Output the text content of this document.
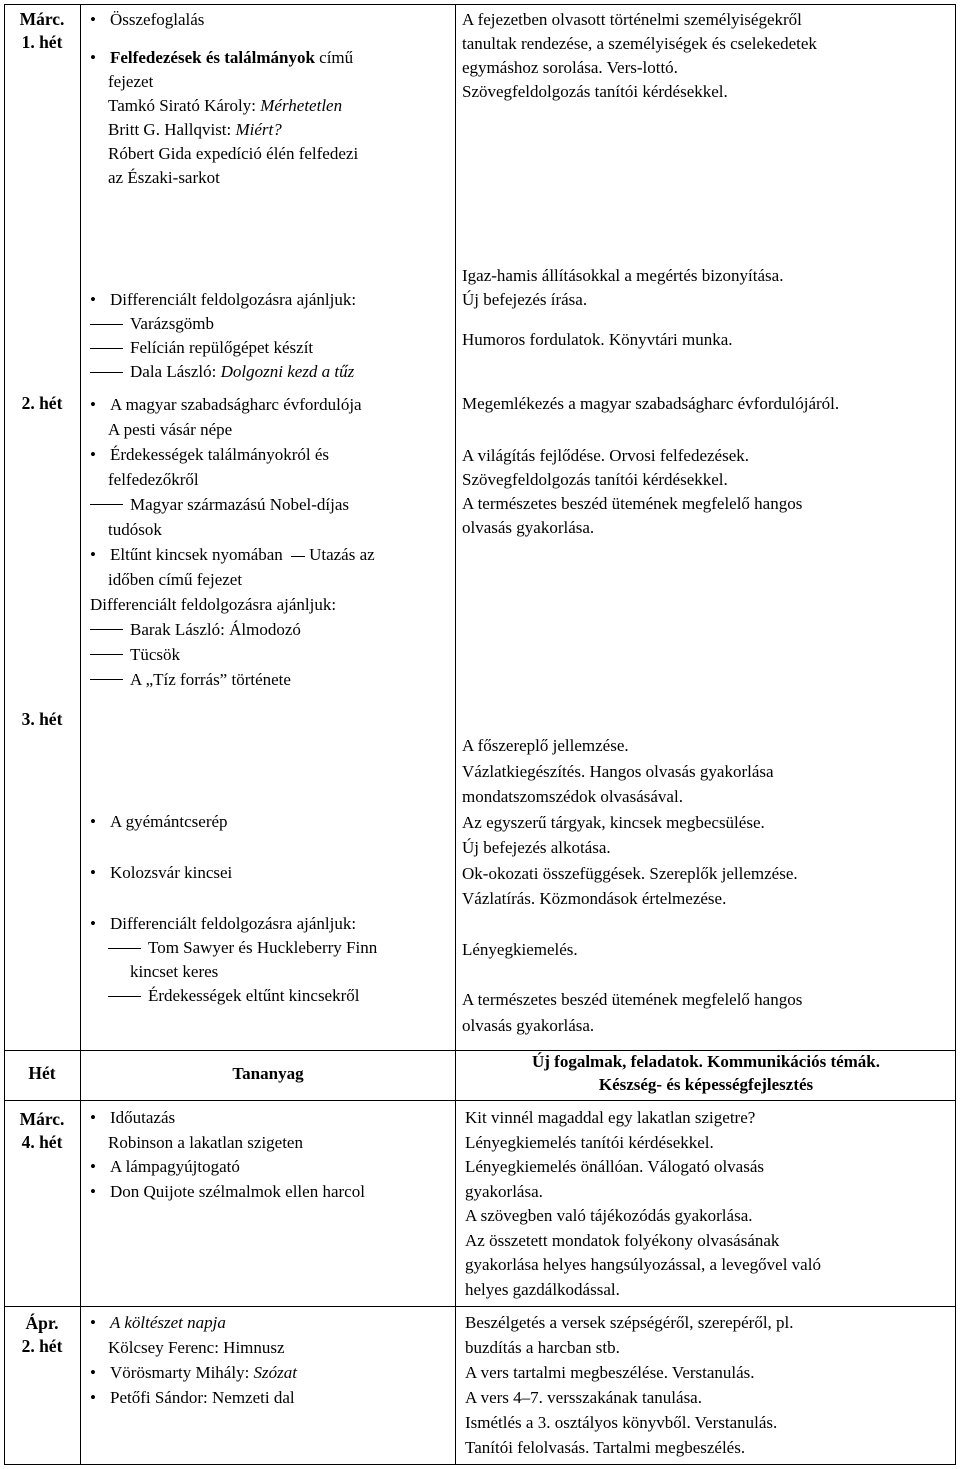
Márc.
1. hét
• Összefoglalás
• Felfedezések és találmányok című
fejezet
Tamkó Sirató Károly: Mérhetetlen
Britt G. Hallqvist: Miért?
Róbert Gida expedíció élén felfedezi
az Északi-sarkot
A fejezetben olvasott történelmi személyiségekről
tanultak rendezése, a személyiségek és cselekedetek
egymáshoz sorolása. Vers-lottó.
Szövegfeldolgozás tanítói kérdésekkel.
• Differenciált feldolgozásra ajánljuk:
Varázsgömb
Felícián repülőgépet készít
Dala László: Dolgozni kezd a tűz
Igaz-hamis állításokkal a megértés bizonyítása.
Új befejezés írása.
Humoros fordulatok. Könyvtári munka.
2. hét
•	A magyar szabadságharc évfordulója
A pesti vásár népe
• Érdekességek találmányokról és
felfedezőkről
Magyar származású Nobel-díjas
tudósok
• Eltűnt kincsek nyomában Utazás az
időben című fejezet
Differenciált feldolgozásra ajánljuk:
Barak László: Álmodozó
Tücsök
A „Tíz forrás” története
Megemlékezés a magyar szabadságharc évfordulójáról.
A világítás fejlődése. Orvosi felfedezések.
Szövegfeldolgozás tanítói kérdésekkel.
A természetes beszéd ütemének megfelelő hangos
olvasás gyakorlása.
3. hét
• A gyémántcserép
• Kolozsvár kincsei
• Differenciált feldolgozásra ajánljuk:
Tom Sawyer és Huckleberry Finn
kincset keres
Érdekességek eltűnt kincsekről
A főszereplő jellemzése.
Vázlatkiegészítés. Hangos olvasás gyakorlása
mondatszomszédok olvasásával.
Az egyszerű tárgyak, kincsek megbecsülése.
Új befejezés alkotása.
Ok-okozati összefüggések. Szereplők jellemzése.
Vázlatírás. Közmondások értelmezése.
Lényegkiemelés.
A természetes beszéd ütemének megfelelő hangos
olvasás gyakorlása.
Hét	Tananyag
Új fogalmak, feladatok. Kommunikációs témák.
Készség- és képességfejlesztés
Márc.
4. hét
• Időutazás
Robinson a lakatlan szigeten
• A lámpagyújtogató
• Don Quijote szélmalmok ellen harcol
Kit vinnél magaddal egy lakatlan szigetre?
Lényegkiemelés tanítói kérdésekkel.
Lényegkiemelés önállóan. Válogató olvasás
gyakorlása.
A szövegben való tájékozódás gyakorlása.
Az összetett mondatok folyékony olvasásának
gyakorlása helyes hangsúlyozással, a levegővel való
helyes gazdálkodással.
Ápr.
2. hét
• A költészet napja
Kölcsey Ferenc: Himnusz
• Vörösmarty Mihály: Szózat
• Petőfi Sándor: Nemzeti dal
Beszélgetés a versek szépségéről, szerepéről, pl.
buzdítás a harcban stb.
A vers tartalmi megbeszélése. Verstanulás.
A vers 4–7. versszakának tanulása.
Ismétlés a 3. osztályos könyvből. Verstanulás.
Tanítói felolvasás. Tartalmi megbeszélés.
